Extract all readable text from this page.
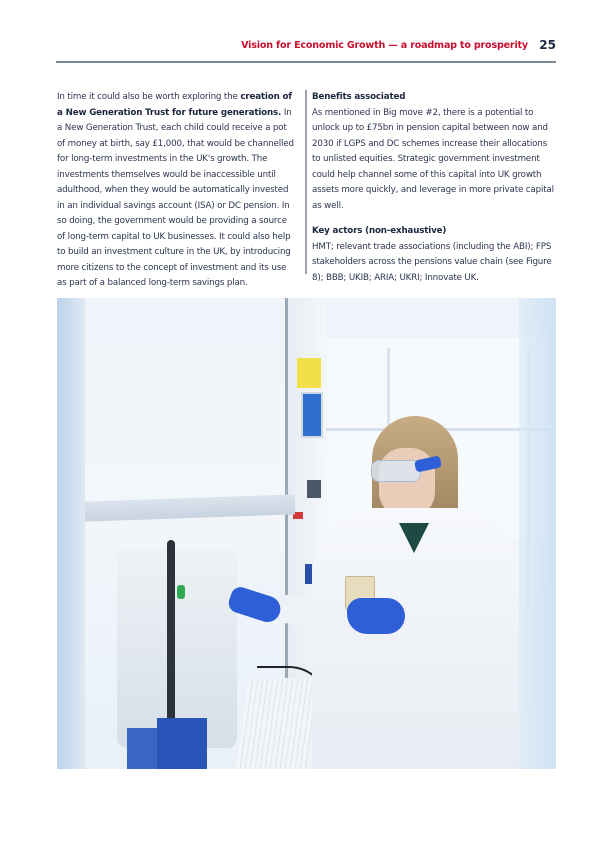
Vision for Economic Growth — a roadmap to prosperity 25
In time it could also be worth exploring the creation of a New Generation Trust for future generations. In a New Generation Trust, each child could receive a pot of money at birth, say £1,000, that would be channelled for long-term investments in the UK's growth. The investments themselves would be inaccessible until adulthood, when they would be automatically invested in an individual savings account (ISA) or DC pension. In so doing, the government would be providing a source of long-term capital to UK businesses. It could also help to build an investment culture in the UK, by introducing more citizens to the concept of investment and its use as part of a balanced long-term savings plan.
Benefits associated
As mentioned in Big move #2, there is a potential to unlock up to £75bn in pension capital between now and 2030 if LGPS and DC schemes increase their allocations to unlisted equities. Strategic government investment could help channel some of this capital into UK growth assets more quickly, and leverage in more private capital as well.
Key actors (non-exhaustive)
HMT; relevant trade associations (including the ABI); FPS stakeholders across the pensions value chain (see Figure 8); BBB; UKIB; ARIA; UKRI; Innovate UK.
